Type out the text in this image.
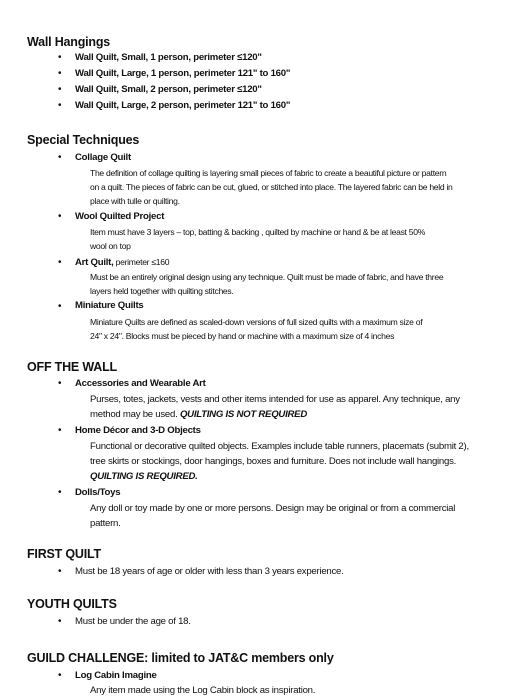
Wall Hangings
• Wall Quilt, Small, 1 person, perimeter ≤120"
• Wall Quilt, Large, 1 person, perimeter 121" to 160"
• Wall Quilt, Small, 2 person, perimeter ≤120"
• Wall Quilt, Large, 2 person, perimeter 121" to 160"
Special Techniques
• Collage Quilt
The definition of collage quilting is layering small pieces of fabric to create a beautiful picture or pattern
on a quilt. The pieces of fabric can be cut, glued, or stitched into place. The layered fabric can be held in
place with tulle or quilting.
• Wool Quilted Project
Item must have 3 layers – top, batting & backing , quilted by machine or hand & be at least 50%
wool on top
• Art Quilt, perimeter ≤160
Must be an entirely original design using any technique. Quilt must be made of fabric, and have three
layers held together with quilting stitches.
• Miniature Quilts
Miniature Quilts are defined as scaled-down versions of full sized quilts with a maximum size of
24" x 24". Blocks must be pieced by hand or machine with a maximum size of 4 inches
OFF THE WALL
• Accessories and Wearable Art
Purses, totes, jackets, vests and other items intended for use as apparel. Any technique, any
method may be used. QUILTING IS NOT REQUIRED
• Home Décor and 3-D Objects
Functional or decorative quilted objects. Examples include table runners, placemats (submit 2),
tree skirts or stockings, door hangings, boxes and furniture. Does not include wall hangings.
QUILTING IS REQUIRED.
• Dolls/Toys
Any doll or toy made by one or more persons. Design may be original or from a commercial
pattern.
FIRST QUILT
• Must be 18 years of age or older with less than 3 years experience.
YOUTH QUILTS
• Must be under the age of 18.
GUILD CHALLENGE: limited to JAT&C members only
• Log Cabin Imagine
Any item made using the Log Cabin block as inspiration.
